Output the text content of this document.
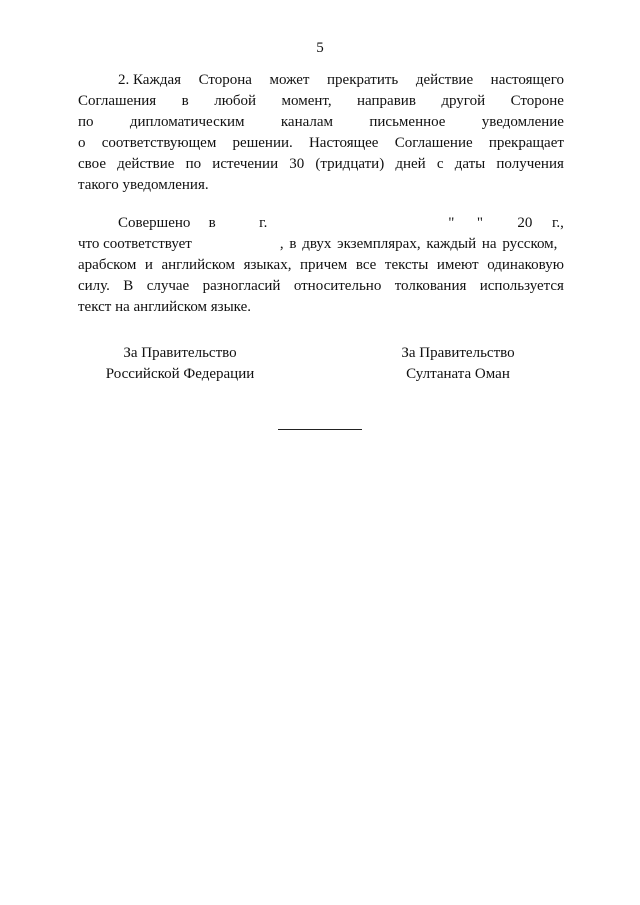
5
2. Каждая Сторона может прекратить действие настоящего
Соглашения в любой момент, направив другой Стороне
по дипломатическим каналам письменное уведомление
о соответствующем решении. Настоящее Соглашение прекращает
свое действие по истечении 30 (тридцати) дней с даты получения
такого уведомления.
Совершено	в	г.	"	"	20	г.,
что соответствует	, в двух экземплярах, каждый на русском,
арабском и английском языках, причем все тексты имеют одинаковую
силу. В случае разногласий относительно толкования используется
текст на английском языке.
За Правительство
Российской Федерации
За Правительство
Султаната Оман
